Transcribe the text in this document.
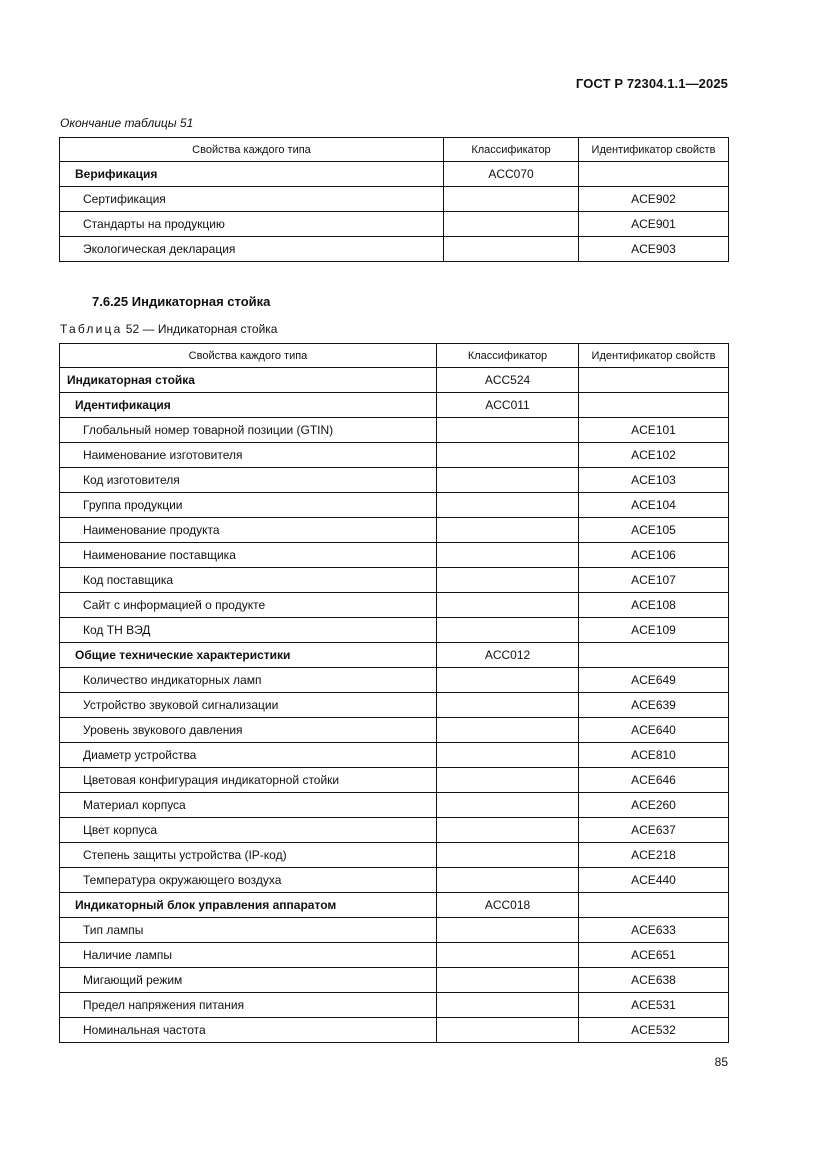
ГОСТ Р 72304.1.1—2025
Окончание таблицы 51
Свойства каждого типа	Классификатор	Идентификатор свойств
Верификация	ACC070	
Сертификация		ACE902
Стандарты на продукцию		ACE901
Экологическая декларация		ACE903
7.6.25 Индикаторная стойка
Таблица 52 — Индикаторная стойка
Свойства каждого типа	Классификатор	Идентификатор свойств
Индикаторная стойка	ACC524	
Идентификация	ACC011	
Глобальный номер товарной позиции (GTIN)		ACE101
Наименование изготовителя		ACE102
Код изготовителя		ACE103
Группа продукции		ACE104
Наименование продукта		ACE105
Наименование поставщика		ACE106
Код поставщика		ACE107
Сайт с информацией о продукте		ACE108
Код ТН ВЭД		ACE109
Общие технические характеристики	ACC012	
Количество индикаторных ламп		ACE649
Устройство звуковой сигнализации		ACE639
Уровень звукового давления		ACE640
Диаметр устройства		ACE810
Цветовая конфигурация индикаторной стойки		ACE646
Материал корпуса		ACE260
Цвет корпуса		ACE637
Степень защиты устройства (IP-код)		ACE218
Температура окружающего воздуха		ACE440
Индикаторный блок управления аппаратом	ACC018	
Тип лампы		ACE633
Наличие лампы		ACE651
Мигающий режим		ACE638
Предел напряжения питания		ACE531
Номинальная частота		ACE532
85
